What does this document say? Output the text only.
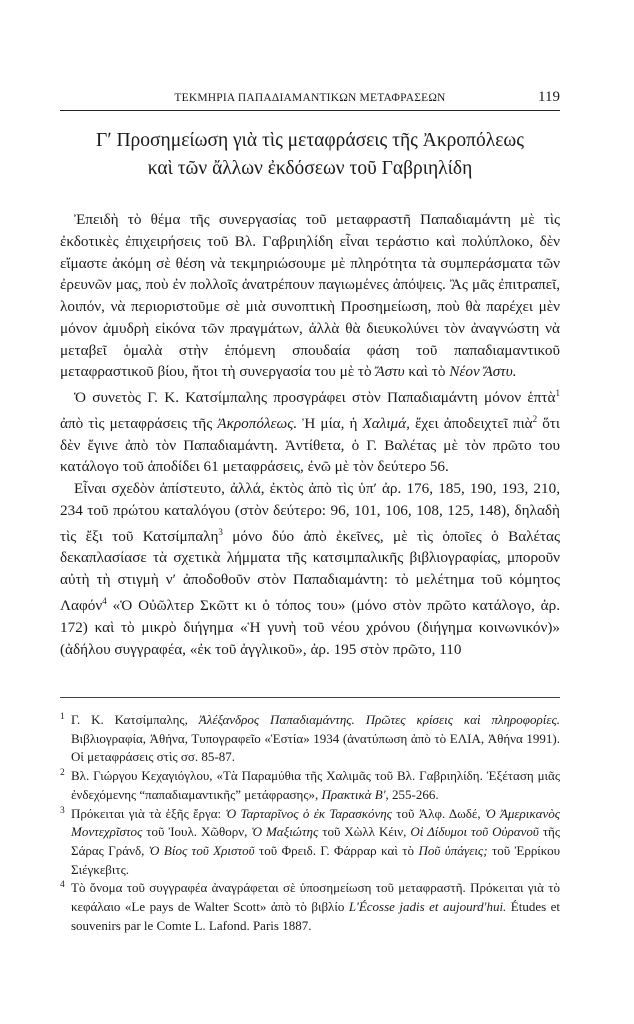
ΤΕΚΜΗΡΙΑ ΠΑΠΑΔΙΑΜΑΝΤΙΚΩΝ ΜΕΤΑΦΡΑΣΕΩΝ	119
Γʹ Προσημείωση γιὰ τὶς μεταφράσεις τῆς Ἀκροπόλεως
καὶ τῶν ἄλλων ἐκδόσεων τοῦ Γαβριηλίδη

Ἐπειδὴ τὸ θέμα τῆς συνεργασίας τοῦ μεταφραστῆ Παπαδιαμάντη μὲ τὶς ἐκδοτικὲς ἐπιχειρήσεις τοῦ Βλ. Γαβριηλίδη εἶναι τεράστιο καὶ πολύπλοκο, δὲν εἴμαστε ἀκόμη σὲ θέση νὰ τεκμηριώσουμε μὲ πληρότητα τὰ συμπεράσματα τῶν ἐρευνῶν μας, ποὺ ἐν πολλοῖς ἀνατρέπουν παγιωμένες ἀπόψεις. Ἂς μᾶς ἐπιτραπεῖ, λοιπόν, νὰ περιοριστοῦμε σὲ μιὰ συνοπτικὴ Προσημείωση, ποὺ θὰ παρέχει μὲν μόνον ἀμυδρὴ εἰκόνα τῶν πραγμάτων, ἀλλὰ θὰ διευκολύνει τὸν ἀναγνώστη νὰ μεταβεῖ ὁμαλὰ στὴν ἑπόμενη σπουδαία φάση τοῦ παπαδιαμαντικοῦ μεταφραστικοῦ βίου, ἤτοι τὴ συνεργασία του μὲ τὸ Ἄστυ καὶ τὸ Νέον Ἄστυ.

Ὁ συνετὸς Γ. Κ. Κατσίμπαλης προσγράφει στὸν Παπαδιαμάντη μόνον ἑπτὰ$^1$ ἀπὸ τὶς μεταφράσεις τῆς Ἀκροπόλεως. Ἡ μία, ἡ Χαλιμά, ἔχει ἀποδειχτεῖ πιὰ$^2$ ὅτι δὲν ἔγινε ἀπὸ τὸν Παπαδιαμάντη. Ἀντίθετα, ὁ Γ. Βαλέτας μὲ τὸν πρῶτο του κατάλογο τοῦ ἀποδίδει 61 μεταφράσεις, ἐνῶ μὲ τὸν δεύτερο 56.

Εἶναι σχεδὸν ἀπίστευτο, ἀλλά, ἐκτὸς ἀπὸ τὶς ὑπʹ ἀρ. 176, 185, 190, 193, 210, 234 τοῦ πρώτου καταλόγου (στὸν δεύτερο: 96, 101, 106, 108, 125, 148), δηλαδὴ τὶς ἔξι τοῦ Κατσίμπαλη$^3$ μόνο δύο ἀπὸ ἐκεῖνες, μὲ τὶς ὁποῖες ὁ Βαλέτας δεκαπλασίασε τὰ σχετικὰ λήμματα τῆς κατσιμπαλικῆς βιβλιογραφίας, μποροῦν αὐτὴ τὴ στιγμὴ νʹ ἀποδοθοῦν στὸν Παπαδιαμάντη: τὸ μελέτημα τοῦ κόμητος Λαφόν$^4$ «Ὁ Οὐῶλτερ Σκῶττ κι ὁ τόπος του» (μόνο στὸν πρῶτο κατάλογο, ἀρ. 172) καὶ τὸ μικρὸ διήγημα «Ἡ γυνὴ τοῦ νέου χρόνου (διήγημα κοινωνικόν)» (ἀδήλου συγγραφέα, «ἐκ τοῦ ἀγγλικοῦ», ἀρ. 195 στὸν πρῶτο, 110

1 Γ. Κ. Κατσίμπαλης, Ἀλέξανδρος Παπαδιαμάντης. Πρῶτες κρίσεις καὶ πληροφορίες. Βιβλιογραφία, Ἀθήνα, Τυπογραφεῖο «Ἑστία» 1934 (ἀνατύπωση ἀπὸ τὸ ΕΛΙΑ, Ἀθήνα 1991). Οἱ μεταφράσεις στὶς σσ. 85-87.

2 Βλ. Γιώργου Κεχαγιόγλου, «Τὰ Παραμύθια τῆς Χαλιμᾶς τοῦ Βλ. Γαβριηλίδη. Ἐξέταση μιᾶς ἐνδεχόμενης “παπαδιαμαντικῆς” μετάφρασης», Πρακτικὰ Βʹ, 255-266.

3 Πρόκειται γιὰ τὰ ἑξῆς ἔργα: Ὁ Ταρταρῖνος ὁ ἐκ Ταρασκόνης τοῦ Ἀλφ. Δωδέ, Ὁ Ἀμερικανὸς Μοντεχρῖστος τοῦ Ἰουλ. Χῶθορν, Ὁ Μαξιώτης τοῦ Χὼλλ Κέιν, Οἱ Δίδυμοι τοῦ Οὐρανοῦ τῆς Σάρας Γράνδ, Ὁ Βίος τοῦ Χριστοῦ τοῦ Φρειδ. Γ. Φάρραρ καὶ τὸ Ποῦ ὑπάγεις; τοῦ Ἐρρίκου Σιέγκεβιτς.

4 Τὸ ὄνομα τοῦ συγγραφέα ἀναγράφεται σὲ ὑποσημείωση τοῦ μεταφραστῆ. Πρόκειται γιὰ τὸ κεφάλαιο «Le pays de Walter Scott» ἀπὸ τὸ βιβλίο L'Écosse jadis et aujourd'hui. Études et souvenirs par le Comte L. Lafond. Paris 1887.
